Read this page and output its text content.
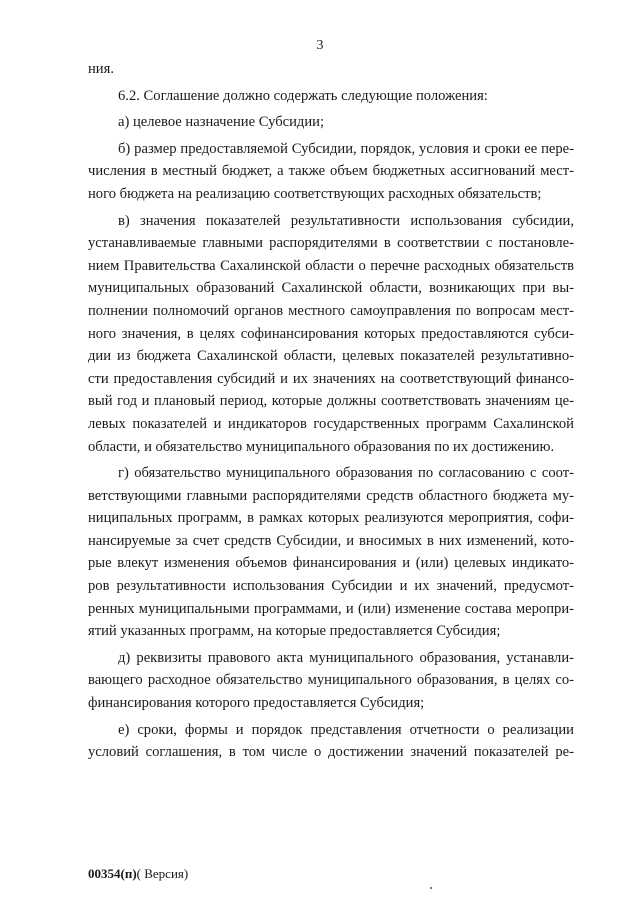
3
ния.
6.2. Соглашение должно содержать следующие положения:
а) целевое назначение Субсидии;
б) размер предоставляемой Субсидии, порядок, условия и сроки ее пере-
числения в местный бюджет, а также объем бюджетных ассигнований мест-
ного бюджета на реализацию соответствующих расходных обязательств;
в) значения показателей результативности использования субсидии,
устанавливаемые главными распорядителями в соответствии с постановле-
нием Правительства Сахалинской области о перечне расходных обязательств
муниципальных образований Сахалинской области, возникающих при вы-
полнении полномочий органов местного самоуправления по вопросам мест-
ного значения, в целях софинансирования которых предоставляются субси-
дии из бюджета Сахалинской области, целевых показателей результативно-
сти предоставления субсидий и их значениях на соответствующий финансо-
вый год и плановый период, которые должны соответствовать значениям це-
левых показателей и индикаторов государственных программ Сахалинской
области, и обязательство муниципального образования по их достижению.
г) обязательство муниципального образования по согласованию с соот-
ветствующими главными распорядителями средств областного бюджета му-
ниципальных программ, в рамках которых реализуются мероприятия, софи-
нансируемые за счет средств Субсидии, и вносимых в них изменений, кото-
рые влекут изменения объемов финансирования и (или) целевых индикато-
ров результативности использования Субсидии и их значений, предусмот-
ренных муниципальными программами, и (или) изменение состава меропри-
ятий указанных программ, на которые предоставляется Субсидия;
д) реквизиты правового акта муниципального образования, устанавли-
вающего расходное обязательство муниципального образования, в целях со-
финансирования которого предоставляется Субсидия;
е) сроки, формы и порядок представления отчетности о реализации
условий соглашения, в том числе о достижении значений показателей ре-
00354(п)( Версия)
